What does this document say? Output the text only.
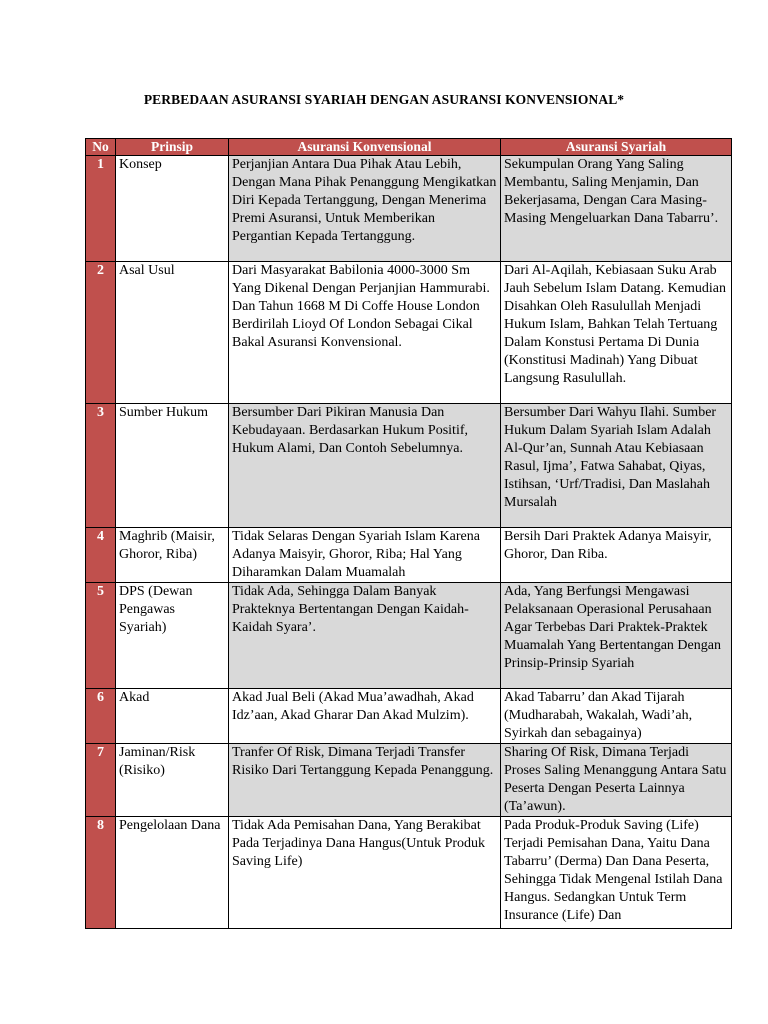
PERBEDAAN ASURANSI SYARIAH DENGAN ASURANSI KONVENSIONAL*
No	Prinsip	Asuransi Konvensional	Asuransi Syariah
1	Konsep	Perjanjian Antara Dua Pihak Atau Lebih, Dengan Mana Pihak Penanggung Mengikatkan Diri Kepada Tertanggung, Dengan Menerima Premi Asuransi, Untuk Memberikan Pergantian Kepada Tertanggung.	Sekumpulan Orang Yang Saling Membantu, Saling Menjamin, Dan Bekerjasama, Dengan Cara Masing-Masing Mengeluarkan Dana Tabarru’.
2	Asal Usul	Dari Masyarakat Babilonia 4000-3000 Sm Yang Dikenal Dengan Perjanjian Hammurabi. Dan Tahun 1668 M Di Coffe House London Berdirilah Lioyd Of London Sebagai Cikal Bakal Asuransi Konvensional.	Dari Al-Aqilah, Kebiasaan Suku Arab Jauh Sebelum Islam Datang. Kemudian Disahkan Oleh Rasulullah Menjadi Hukum Islam, Bahkan Telah Tertuang Dalam Konstusi Pertama Di Dunia (Konstitusi Madinah) Yang Dibuat Langsung Rasulullah.
3	Sumber Hukum	Bersumber Dari Pikiran Manusia Dan Kebudayaan. Berdasarkan Hukum Positif, Hukum Alami, Dan Contoh Sebelumnya.	Bersumber Dari Wahyu Ilahi. Sumber Hukum Dalam Syariah Islam Adalah Al-Qur’an, Sunnah Atau Kebiasaan Rasul, Ijma’, Fatwa Sahabat, Qiyas, Istihsan, ‘Urf/Tradisi, Dan Maslahah Mursalah
4	Maghrib (Maisir, Ghoror, Riba)	Tidak Selaras Dengan Syariah Islam Karena Adanya Maisyir, Ghoror, Riba; Hal Yang Diharamkan Dalam Muamalah	Bersih Dari Praktek Adanya Maisyir, Ghoror, Dan Riba.
5	DPS (Dewan Pengawas Syariah)	Tidak Ada, Sehingga Dalam Banyak Prakteknya Bertentangan Dengan Kaidah-Kaidah Syara’.	Ada, Yang Berfungsi Mengawasi Pelaksanaan Operasional Perusahaan Agar Terbebas Dari Praktek-Praktek Muamalah Yang Bertentangan Dengan Prinsip-Prinsip Syariah
6	Akad	Akad Jual Beli (Akad Mua’awadhah, Akad Idz’aan, Akad Gharar Dan Akad Mulzim).	Akad Tabarru’ dan Akad Tijarah (Mudharabah, Wakalah, Wadi’ah, Syirkah dan sebagainya)
7	Jaminan/Risk (Risiko)	Tranfer Of Risk, Dimana Terjadi Transfer Risiko Dari Tertanggung Kepada Penanggung.	Sharing Of Risk, Dimana Terjadi Proses Saling Menanggung Antara Satu Peserta Dengan Peserta Lainnya (Ta’awun).
8	Pengelolaan Dana	Tidak Ada Pemisahan Dana, Yang Berakibat Pada Terjadinya Dana Hangus(Untuk Produk Saving Life)	Pada Produk-Produk Saving (Life) Terjadi Pemisahan Dana, Yaitu Dana Tabarru’ (Derma) Dan Dana Peserta, Sehingga Tidak Mengenal Istilah Dana Hangus. Sedangkan Untuk Term Insurance (Life) Dan
